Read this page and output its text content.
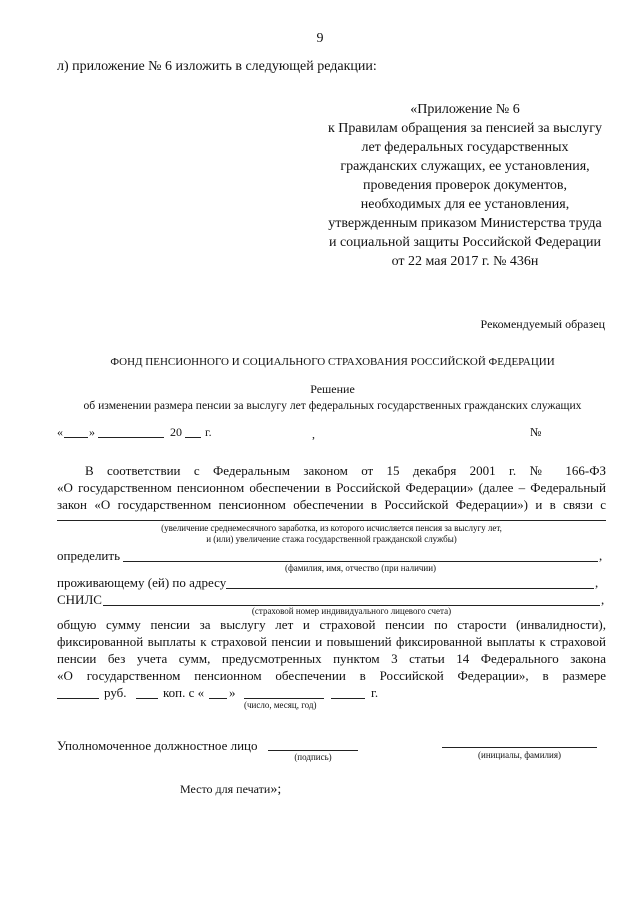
9
л) приложение № 6 изложить в следующей редакции:
«Приложение № 6
к Правилам обращения за пенсией за выслугу
лет федеральных государственных
гражданских служащих, ее установления,
проведения проверок документов,
необходимых для ее установления,
утвержденным приказом Министерства труда
и социальной защиты Российской Федерации
от 22 мая 2017 г. № 436н
Рекомендуемый образец
ФОНД ПЕНСИОННОГО И СОЦИАЛЬНОГО СТРАХОВАНИЯ РОССИЙСКОЙ ФЕДЕРАЦИИ
Решение
об изменении размера пенсии за выслугу лет федеральных государственных гражданских служащих
« »	20 г.	,	№
В соответствии с Федеральным законом от 15 декабря 2001 г. № 166-ФЗ
«О государственном пенсионном обеспечении в Российской Федерации» (далее – Федеральный
закон «О государственном пенсионном обеспечении в Российской Федерации») и в связи с
(увеличение среднемесячного заработка, из которого исчисляется пенсия за выслугу лет,
и (или) увеличение стажа государственной гражданской службы)
определить	,
(фамилия, имя, отчество (при наличии)
проживающему (ей) по адресу	,
СНИЛС	,
(страховой номер индивидуального лицевого счета)
общую сумму пенсии за выслугу лет и страховой пенсии по старости (инвалидности),
фиксированной выплаты к страховой пенсии и повышений фиксированной выплаты к страховой
пенсии без учета сумм, предусмотренных пунктом 3 статьи 14 Федерального закона
«О государственном пенсионном обеспечении в Российской Федерации», в размере
руб.	коп. с « »	г.
(число, месяц, год)
Уполномоченное должностное лицо
(подпись)	(инициалы, фамилия)
Место для печати»;
